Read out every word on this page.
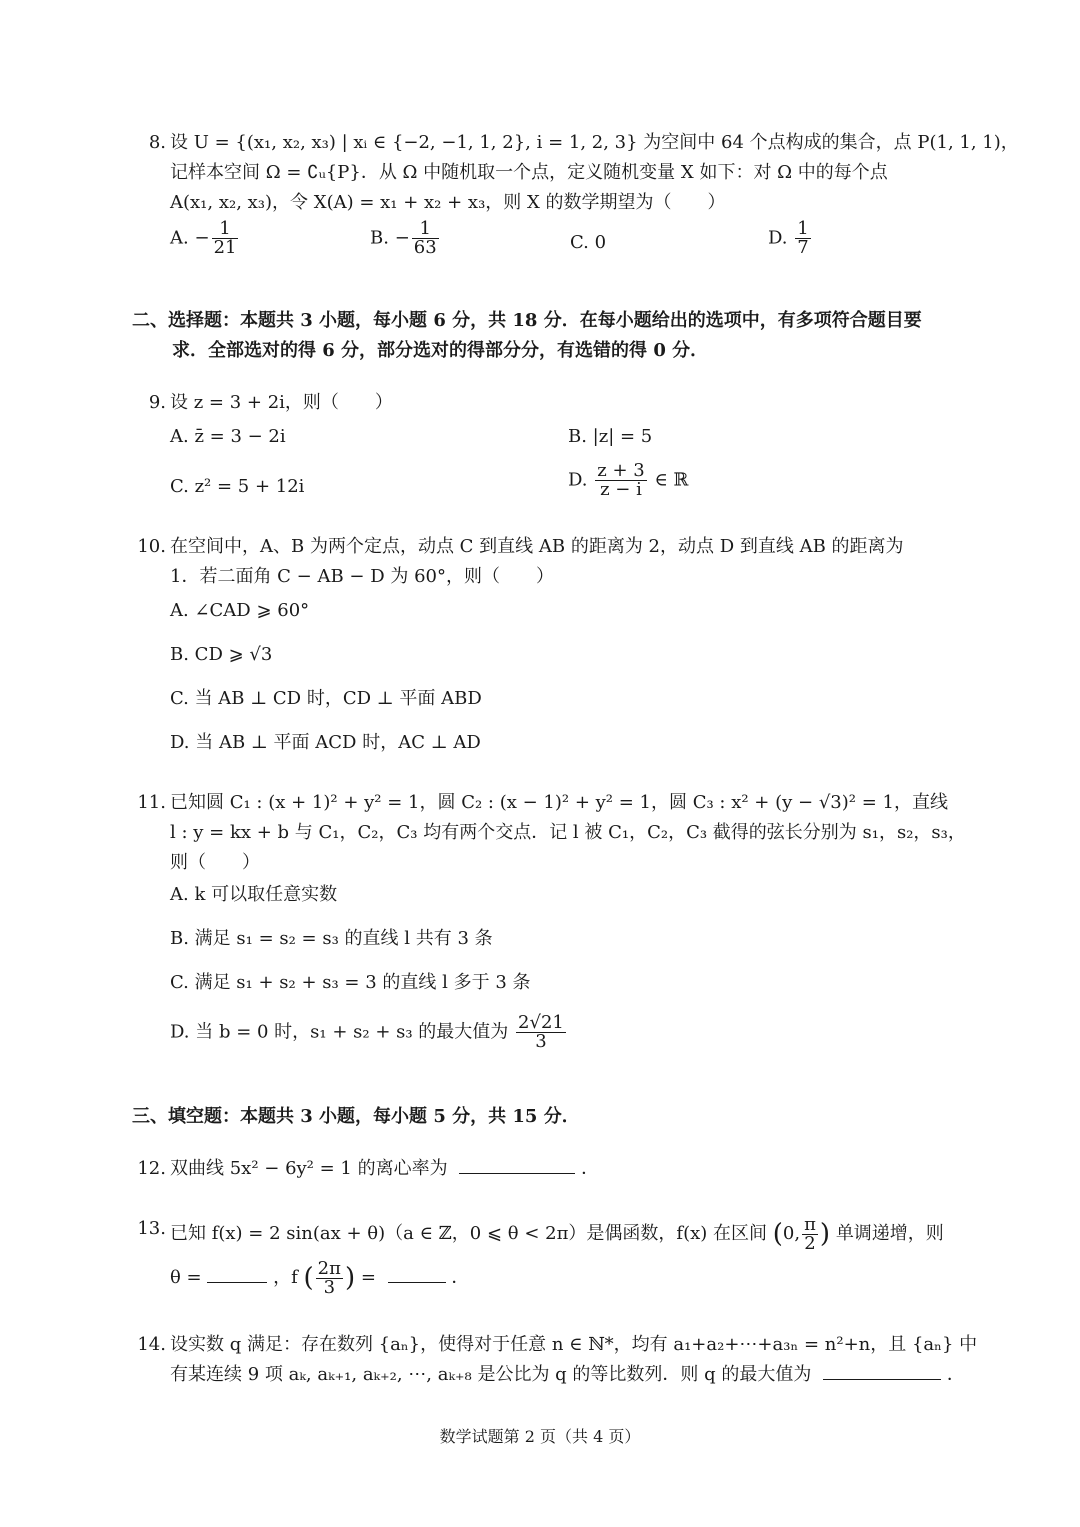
8. 设 U = {(x₁, x₂, x₃) | xᵢ ∈ {−2, −1, 1, 2}, i = 1, 2, 3} 为空间中 64 个点构成的集合，点 P(1, 1, 1)，
记样本空间 Ω = ∁ᵤ{P}．从 Ω 中随机取一个点，定义随机变量 X 如下：对 Ω 中的每个点
A(x₁, x₂, x₃)，令 X(A) = x₁ + x₂ + x₃，则 X 的数学期望为（　　）
A. − $\frac{1}{21}$	B. − $\frac{1}{63}$	C. 0	D. $\frac{1}{7}$
二、选择题：本题共 3 小题，每小题 6 分，共 18 分．在每小题给出的选项中，有多项符合题目要
求．全部选对的得 6 分，部分选对的得部分分，有选错的得 0 分．
9. 设 z = 3 + 2i，则（　　）
A. z̄ = 3 − 2i	B. |z| = 5
C. z² = 5 + 12i	D. $\frac{z + 3}{z - i}$ ∈ ℝ
10. 在空间中，A、B 为两个定点，动点 C 到直线 AB 的距离为 2，动点 D 到直线 AB 的距离为
1．若二面角 C − AB − D 为 60°，则（　　）
A. ∠CAD ⩾ 60°
B. CD ⩾ √3
C. 当 AB ⊥ CD 时，CD ⊥ 平面 ABD
D. 当 AB ⊥ 平面 ACD 时，AC ⊥ AD
11. 已知圆 C₁ : (x + 1)² + y² = 1，圆 C₂ : (x − 1)² + y² = 1，圆 C₃ : x² + (y − √3)² = 1，直线
l : y = kx + b 与 C₁，C₂，C₃ 均有两个交点．记 l 被 C₁，C₂，C₃ 截得的弦长分别为 s₁，s₂，s₃，
则（　　）
A. k 可以取任意实数
B. 满足 s₁ = s₂ = s₃ 的直线 l 共有 3 条
C. 满足 s₁ + s₂ + s₃ = 3 的直线 l 多于 3 条
D. 当 b = 0 时，s₁ + s₂ + s₃ 的最大值为 $\frac{2√21}{3}$
三、填空题：本题共 3 小题，每小题 5 分，共 15 分．
12. 双曲线 5x² − 6y² = 1 的离心率为	．
13. 已知 f(x) = 2 sin(ax + θ)（a ∈ ℤ，0 ⩽ θ < 2π）是偶函数，f(x) 在区间 (0, $\frac{\pi}{2}$ ) 单调递增，则
θ =	，f ( $\frac{2\pi}{3}$ ) =	．
14. 设实数 q 满足：存在数列 {aₙ}，使得对于任意 n ∈ ℕ*，均有 a₁+a₂+⋯+a₃ₙ = n²+n，且 {aₙ} 中
有某连续 9 项 aₖ, aₖ₊₁, aₖ₊₂, ⋯, aₖ₊₈ 是公比为 q 的等比数列．则 q 的最大值为	．
数学试题第 2 页（共 4 页）
